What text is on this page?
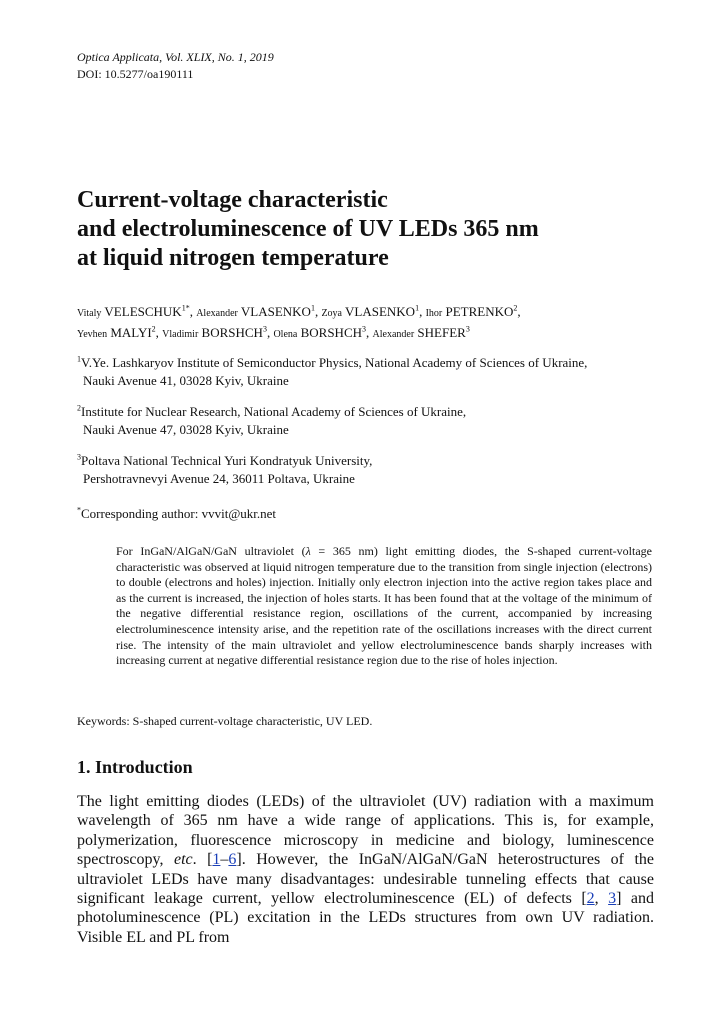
Optica Applicata, Vol. XLIX, No. 1, 2019
DOI: 10.5277/oa190111
Current-voltage characteristic
and electroluminescence of UV LEDs 365 nm
at liquid nitrogen temperature
Vitaly $VELESCHUK^{1*}$, Alexander VLASENKO$^1$, Zoya VLASENKO$^1$, Ihor PETRENKO$^2$,
Yevhen MALYI$^2$, Vladimir BORSHCH$^3$, Olena BORSHCH$^3$, Alexander SHEFER$^3$
$^1$V.Ye. Lashkaryov Institute of Semiconductor Physics, National Academy of Sciences of Ukraine,
Nauki Avenue 41, 03028 Kyiv, Ukraine
$^2$Institute for Nuclear Research, National Academy of Sciences of Ukraine,
Nauki Avenue 47, 03028 Kyiv, Ukraine
$^3$Poltava National Technical Yuri Kondratyuk University,
Pershotravnevyi Avenue 24, 36011 Poltava, Ukraine
*Corresponding author: vvvit@ukr.net
For InGaN/AlGaN/GaN ultraviolet (λ = 365 nm) light emitting diodes, the S-shaped current-voltage characteristic was observed at liquid nitrogen temperature due to the transition from single injection (electrons) to double (electrons and holes) injection. Initially only electron injection into the active region takes place and as the current is increased, the injection of holes starts. It has been found that at the voltage of the minimum of the negative differential resistance region, oscillations of the current, accompanied by increasing electroluminescence intensity arise, and the repetition rate of the oscillations increases with the direct current rise. The intensity of the main ultraviolet and yellow electroluminescence bands sharply increases with increasing current at negative differential resistance region due to the rise of holes injection.
Keywords: S-shaped current-voltage characteristic, UV LED.
1. Introduction
The light emitting diodes (LEDs) of the ultraviolet (UV) radiation with a maximum wavelength of 365 nm have a wide range of applications. This is, for example, polymerization, fluorescence microscopy in medicine and biology, luminescence spectroscopy, etc. [1–6]. However, the InGaN/AlGaN/GaN heterostructures of the ultraviolet LEDs have many disadvantages: undesirable tunneling effects that cause significant leakage current, yellow electroluminescence (EL) of defects [2, 3] and photoluminescence (PL) excitation in the LEDs structures from own UV radiation. Visible EL and PL from
